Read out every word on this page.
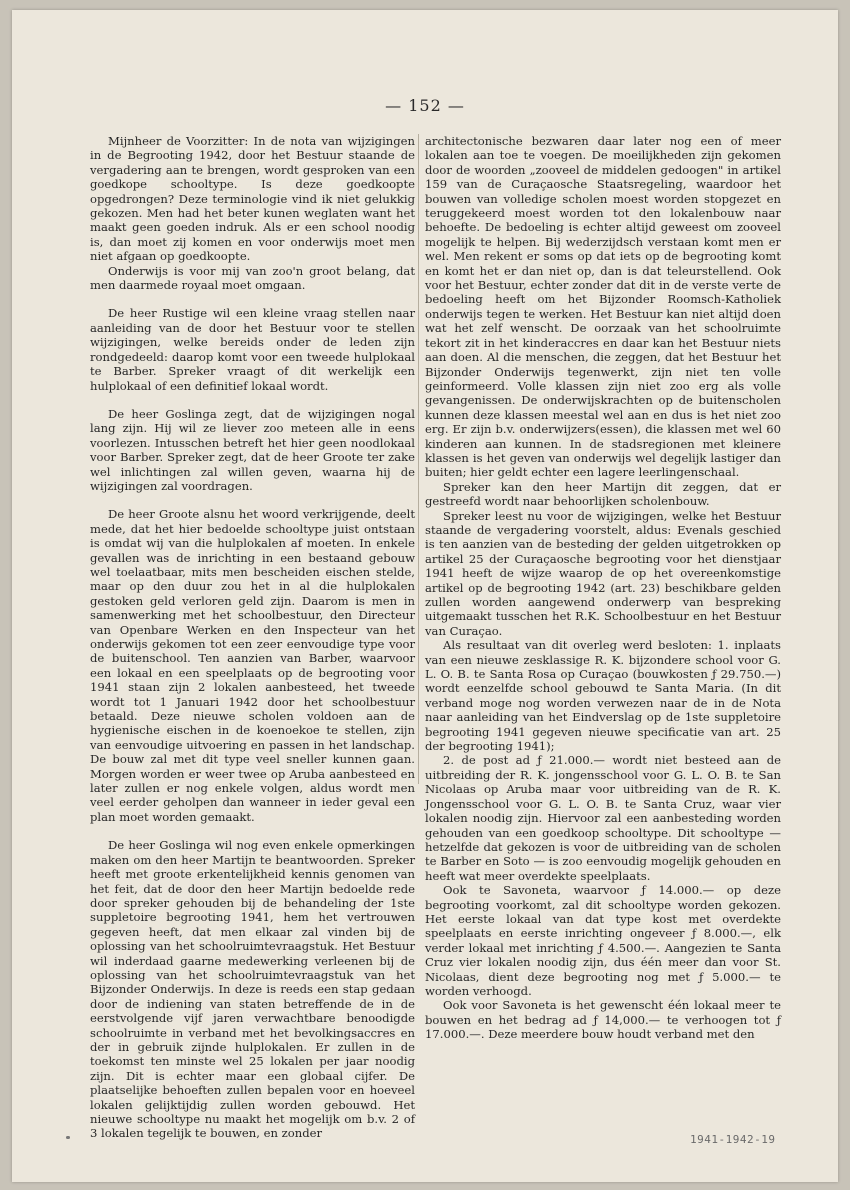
— 152 —

Mijnheer de Voorzitter: In de nota van wijzigingen in de Begrooting 1942, door het Bestuur staande de vergadering aan te brengen, wordt gesproken van een goedkope schooltype. Is deze goedkoopte opgedrongen? Deze terminologie vind ik niet gelukkig gekozen. Men had het beter kunen weglaten want het maakt geen goeden indruk. Als er een school noodig is, dan moet zij komen en voor onderwijs moet men niet afgaan op goedkoopte.

Onderwijs is voor mij van zoo'n groot belang, dat men daarmede royaal moet omgaan.

De heer Rustige wil een kleine vraag stellen naar aanleiding van de door het Bestuur voor te stellen wijzigingen, welke bereids onder de leden zijn rondgedeeld: daarop komt voor een tweede hulplokaal te Barber. Spreker vraagt of dit werkelijk een hulplokaal of een definitief lokaal wordt.

De heer Goslinga zegt, dat de wijzigingen nogal lang zijn. Hij wil ze liever zoo meteen alle in eens voorlezen. Intusschen betreft het hier geen noodlokaal voor Barber. Spreker zegt, dat de heer Groote ter zake wel inlichtingen zal willen geven, waarna hij de wijzigingen zal voordragen.

De heer Groote alsnu het woord verkrijgende, deelt mede, dat het hier bedoelde schooltype juist ontstaan is omdat wij van die hulplokalen af moeten. In enkele gevallen was de inrichting in een bestaand gebouw wel toelaatbaar, mits men bescheiden eischen stelde, maar op den duur zou het in al die hulplokalen gestoken geld verloren geld zijn. Daarom is men in samenwerking met het schoolbestuur, den Directeur van Openbare Werken en den Inspecteur van het onderwijs gekomen tot een zeer eenvoudige type voor de buitenschool. Ten aanzien van Barber, waarvoor een lokaal en een speelplaats op de begrooting voor 1941 staan zijn 2 lokalen aanbesteed, het tweede wordt tot 1 Januari 1942 door het schoolbestuur betaald. Deze nieuwe scholen voldoen aan de hygienische eischen in de koenoekoe te stellen, zijn van eenvoudige uitvoering en passen in het landschap. De bouw zal met dit type veel sneller kunnen gaan. Morgen worden er weer twee op Aruba aanbesteed en later zullen er nog enkele volgen, aldus wordt men veel eerder geholpen dan wanneer in ieder geval een plan moet worden gemaakt.

De heer Goslinga wil nog even enkele opmerkingen maken om den heer Martijn te beantwoorden. Spreker heeft met groote erkentelijkheid kennis genomen van het feit, dat de door den heer Martijn bedoelde rede door spreker gehouden bij de behandeling der 1ste suppletoire begrooting 1941, hem het vertrouwen gegeven heeft, dat men elkaar zal vinden bij de oplossing van het schoolruimtevraagstuk. Het Bestuur wil inderdaad gaarne medewerking verleenen bij de oplossing van het schoolruimtevraagstuk van het Bijzonder Onderwijs. In deze is reeds een stap gedaan door de indiening van staten betreffende de in de eerstvolgende vijf jaren verwachtbare benoodigde schoolruimte in verband met het bevolkingsaccres en der in gebruik zijnde hulplokalen. Er zullen in de toekomst ten minste wel 25 lokalen per jaar noodig zijn. Dit is echter maar een globaal cijfer. De plaatselijke behoeften zullen bepalen voor en hoeveel lokalen gelijktijdig zullen worden gebouwd. Het nieuwe schooltype nu maakt het mogelijk om b.v. 2 of 3 lokalen tegelijk te bouwen, en zonder

architectonische bezwaren daar later nog een of meer lokalen aan toe te voegen. De moeilijkheden zijn gekomen door de woorden „zooveel de middelen gedoogen" in artikel 159 van de Curaçaosche Staatsregeling, waardoor het bouwen van volledige scholen moest worden stopgezet en teruggekeerd moest worden tot den lokalenbouw naar behoefte. De bedoeling is echter altijd geweest om zooveel mogelijk te helpen. Bij wederzijdsch verstaan komt men er wel. Men rekent er soms op dat iets op de begrooting komt en komt het er dan niet op, dan is dat teleurstellend. Ook voor het Bestuur, echter zonder dat dit in de verste verte de bedoeling heeft om het Bijzonder Roomsch-Katholiek onderwijs tegen te werken. Het Bestuur kan niet altijd doen wat het zelf wenscht. De oorzaak van het schoolruimte tekort zit in het kinderaccres en daar kan het Bestuur niets aan doen. Al die menschen, die zeggen, dat het Bestuur het Bijzonder Onderwijs tegenwerkt, zijn niet ten volle geinformeerd. Volle klassen zijn niet zoo erg als volle gevangenissen. De onderwijskrachten op de buitenscholen kunnen deze klassen meestal wel aan en dus is het niet zoo erg. Er zijn b.v. onderwijzers(essen), die klassen met wel 60 kinderen aan kunnen. In de stadsregionen met kleinere klassen is het geven van onderwijs wel degelijk lastiger dan buiten; hier geldt echter een lagere leerlingenschaal.

Spreker kan den heer Martijn dit zeggen, dat er gestreefd wordt naar behoorlijken scholenbouw.

Spreker leest nu voor de wijzigingen, welke het Bestuur staande de vergadering voorstelt, aldus: Evenals geschied is ten aanzien van de besteding der gelden uitgetrokken op artikel 25 der Curaçaosche begrooting voor het dienstjaar 1941 heeft de wijze waarop de op het overeenkomstige artikel op de begrooting 1942 (art. 23) beschikbare gelden zullen worden aangewend onderwerp van bespreking uitgemaakt tusschen het R.K. Schoolbestuur en het Bestuur van Curaçao.

Als resultaat van dit overleg werd besloten: 1. inplaats van een nieuwe zesklassige R. K. bijzondere school voor G. L. O. B. te Santa Rosa op Curaçao (bouwkosten ƒ 29.750.—) wordt eenzelfde school gebouwd te Santa Maria. (In dit verband moge nog worden verwezen naar de in de Nota naar aanleiding van het Eindverslag op de 1ste suppletoire begrooting 1941 gegeven nieuwe specificatie van art. 25 der begrooting 1941);

2. de post ad ƒ 21.000.— wordt niet besteed aan de uitbreiding der R. K. jongensschool voor G. L. O. B. te San Nicolaas op Aruba maar voor uitbreiding van de R. K. Jongensschool voor G. L. O. B. te Santa Cruz, waar vier lokalen noodig zijn. Hiervoor zal een aanbesteding worden gehouden van een goedkoop schooltype. Dit schooltype — hetzelfde dat gekozen is voor de uitbreiding van de scholen te Barber en Soto — is zoo eenvoudig mogelijk gehouden en heeft wat meer overdekte speelplaats.

Ook te Savoneta, waarvoor ƒ 14.000.— op deze begrooting voorkomt, zal dit schooltype worden gekozen. Het eerste lokaal van dat type kost met overdekte speelplaats en eerste inrichting ongeveer ƒ 8.000.—, elk verder lokaal met inrichting ƒ 4.500.—. Aangezien te Santa Cruz vier lokalen noodig zijn, dus één meer dan voor St. Nicolaas, dient deze begrooting nog met ƒ 5.000.— te worden verhoogd.

Ook voor Savoneta is het gewenscht één lokaal meer te bouwen en het bedrag ad ƒ 14,000.— te verhoogen tot ƒ 17.000.—. Deze meerdere bouw houdt verband met den

1941-1942-19
